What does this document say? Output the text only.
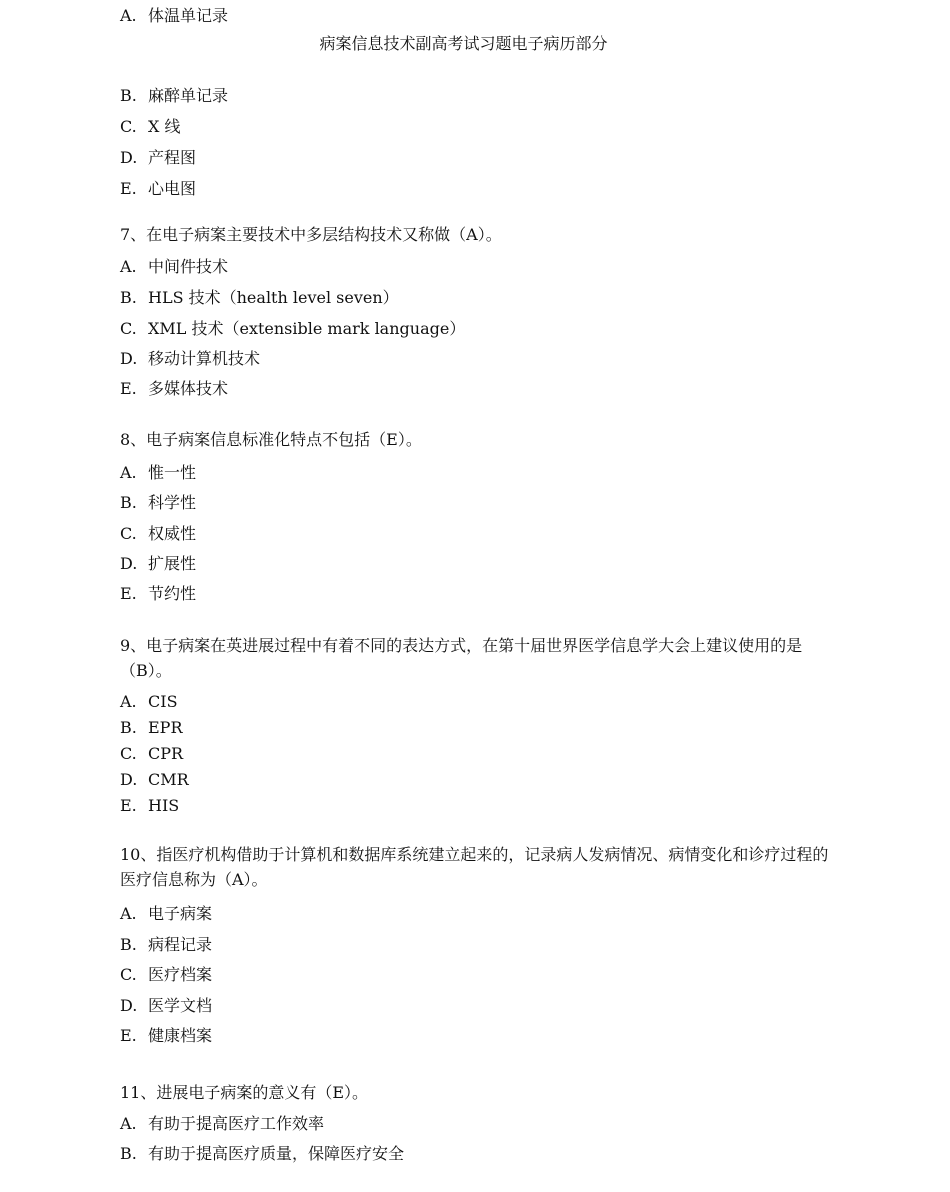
A. 体温单记录
病案信息技术副高考试习题电子病历部分
B. 麻醉单记录
C. X 线
D. 产程图
E. 心电图
7、在电子病案主要技术中多层结构技术又称做（A）。
A. 中间件技术
B. HLS 技术（health level seven）
C. XML 技术（extensible mark language）
D. 移动计算机技术
E. 多媒体技术
8、电子病案信息标准化特点不包括（E）。
A. 惟一性
B. 科学性
C. 权威性
D. 扩展性
E. 节约性
9、电子病案在英进展过程中有着不同的表达方式，在第十届世界医学信息学大会上建议使用的是（B）。
A. CIS
B. EPR
C. CPR
D. CMR
E. HIS
10、指医疗机构借助于计算机和数据库系统建立起来的，记录病人发病情况、病情变化和诊疗过程的医疗信息称为（A）。
A. 电子病案
B. 病程记录
C. 医疗档案
D. 医学文档
E. 健康档案
11、进展电子病案的意义有（E）。
A. 有助于提高医疗工作效率
B. 有助于提高医疗质量，保障医疗安全
